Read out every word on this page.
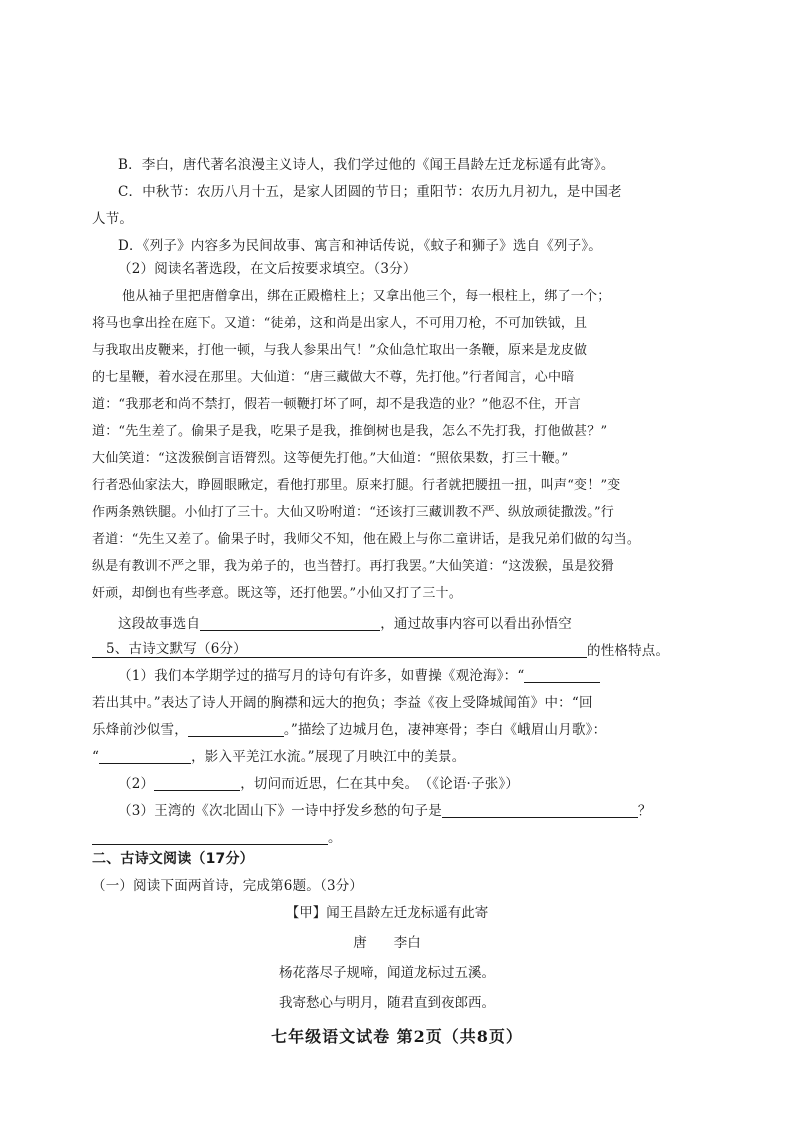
B．李白，唐代著名浪漫主义诗人，我们学过他的《闻王昌龄左迁龙标遥有此寄》。
C．中秋节：农历八月十五，是家人团圆的节日；重阳节：农历九月初九，是中国老
人节。
D．《列子》内容多为民间故事、寓言和神话传说，《蚊子和狮子》选自《列子》。
（2）阅读名著选段，在文后按要求填空。（3分）
他从袖子里把唐僧拿出，绑在正殿檐柱上；又拿出他三个，每一根柱上，绑了一个；
将马也拿出拴在庭下。又道：“徒弟，这和尚是出家人，不可用刀枪，不可加铁钺，且
与我取出皮鞭来，打他一顿，与我人参果出气！”众仙急忙取出一条鞭，原来是龙皮做
的七星鞭，着水浸在那里。大仙道：“唐三藏做大不尊，先打他。”行者闻言，心中暗
道：“我那老和尚不禁打，假若一顿鞭打坏了呵，却不是我造的业？”他忍不住，开言
道：“先生差了。偷果子是我，吃果子是我，推倒树也是我，怎么不先打我，打他做甚？”
大仙笑道：“这泼猴倒言语膂烈。这等便先打他。”大仙道：“照依果数，打三十鞭。”
行者恐仙家法大，睁圆眼瞅定，看他打那里。原来打腿。行者就把腰扭一扭，叫声“变！”变
作两条熟铁腿。小仙打了三十。大仙又吩咐道：“还该打三藏训教不严、纵放顽徒撒泼。”行
者道：“先生又差了。偷果子时，我师父不知，他在殿上与你二童讲话，是我兄弟们做的勾当。
纵是有教训不严之罪，我为弟子的，也当替打。再打我罢。”大仙笑道：“这泼猴，虽是狡猾
奸顽，却倒也有些孝意。既这等，还打他罢。”小仙又打了三十。
这段故事选自	，通过故事内容可以看出孙悟空
的性格特点。
5、古诗文默写（6分）
（1）我们本学期学过的描写月的诗句有许多，如曹操《观沧海》：“
若出其中。”表达了诗人开阔的胸襟和远大的抱负；李益《夜上受降城闻笛》中：“回
乐烽前沙似雪，	。”描绘了边城月色，凄神寒骨；李白《峨眉山月歌》：
“	，影入平羌江水流。”展现了月映江中的美景。
（2）	，切问而近思，仁在其中矣。　（《论语·子张》）
（3）王湾的《次北固山下》一诗中抒发乡愁的句子是	？
。
二、古诗文阅读（17分）
（一）阅读下面两首诗，完成第6题。（3分）
【甲】闻王昌龄左迁龙标遥有此寄
唐　　李白
杨花落尽子规啼，闻道龙标过五溪。
我寄愁心与明月，随君直到夜郎西。
七年级语文试卷 第2页（共8页）
